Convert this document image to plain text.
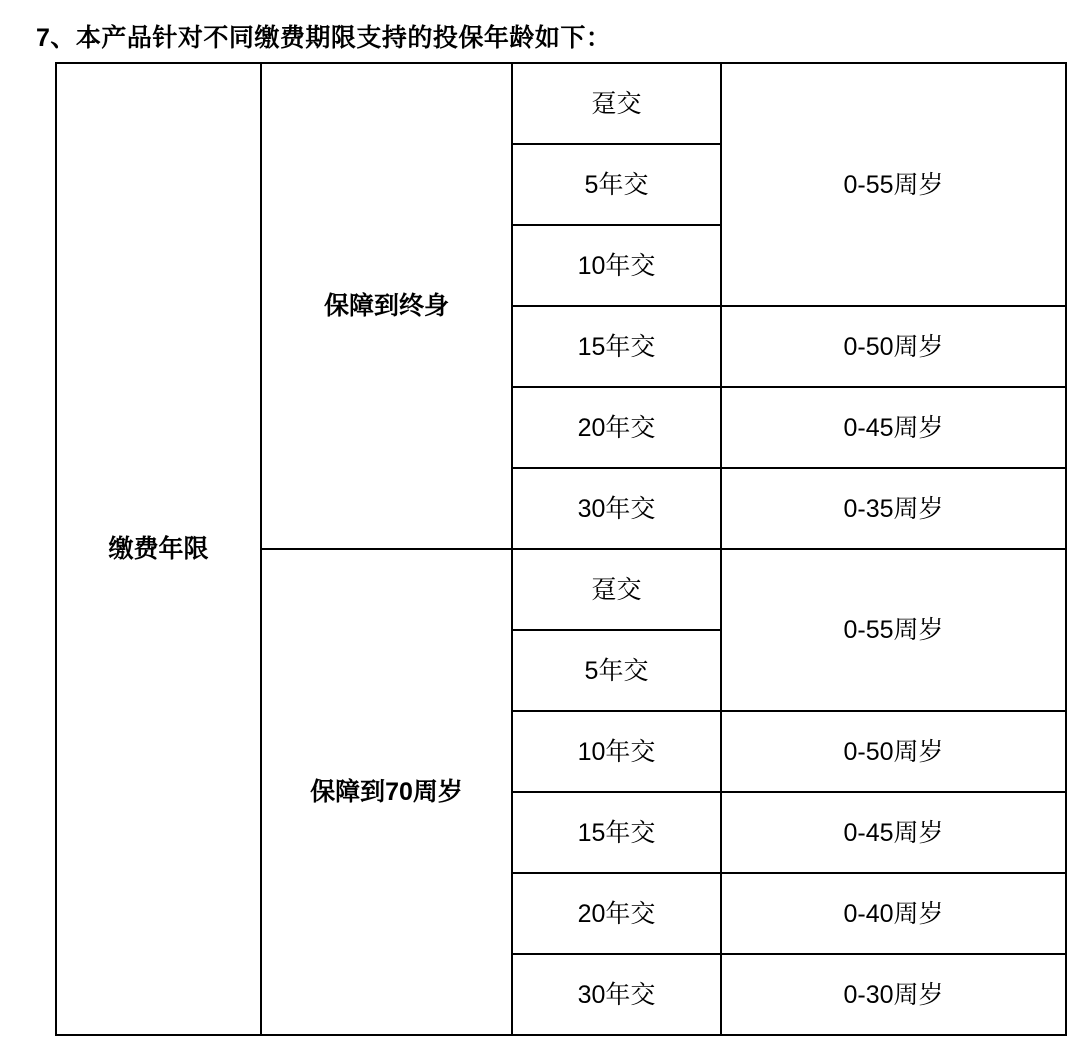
7、本产品针对不同缴费期限支持的投保年龄如下：
缴费年限	保障到终身	趸交	0-55周岁
		5年交	
		10年交	
		15年交	0-50周岁
		20年交	0-45周岁
		30年交	0-35周岁
	保障到70周岁	趸交	0-55周岁
		5年交	
		10年交	0-50周岁
		15年交	0-45周岁
		20年交	0-40周岁
		30年交	0-30周岁
